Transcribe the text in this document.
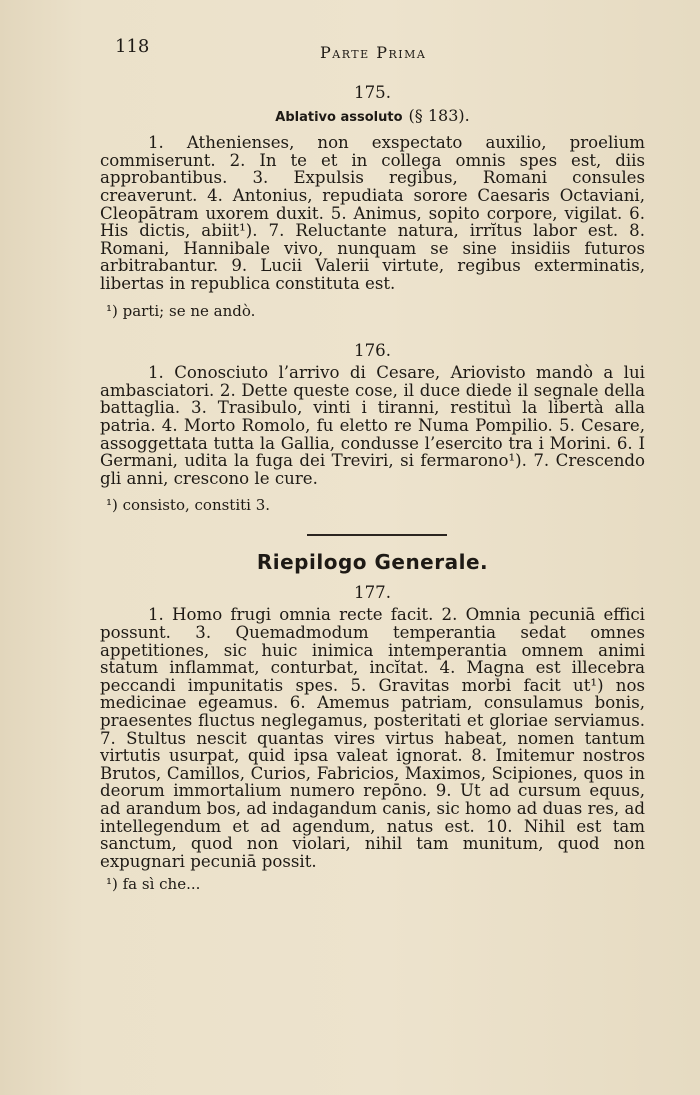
118	Parte Prima

175.

Ablativo assoluto (§ 183).

1. Athenienses, non exspectato auxilio, proelium commiserunt. 2. In te et in collega omnis spes est, diis approbantibus. 3. Expulsis regibus, Romani consules creaverunt. 4. Antonius, repudiata sorore Caesaris Octaviani, Cleopātram uxorem duxit. 5. Animus, sopito corpore, vigilat. 6. His dictis, abiit¹). 7. Reluctante natura, irrĭtus labor est. 8. Romani, Hannibale vivo, nunquam se sine insidiis futuros arbitrabantur. 9. Lucii Valerii virtute, regibus exterminatis, libertas in republica constituta est.

¹) parti; se ne andò.

176.

1. Conosciuto l’arrivo di Cesare, Ariovisto mandò a lui ambasciatori. 2. Dette queste cose, il duce diede il segnale della battaglia. 3. Trasibulo, vinti i tiranni, restituì la libertà alla patria. 4. Morto Romolo, fu eletto re Numa Pompilio. 5. Cesare, assoggettata tutta la Gallia, condusse l’esercito tra i Morini. 6. I Germani, udita la fuga dei Treviri, si fermarono¹). 7. Crescendo gli anni, crescono le cure.

¹) consisto, constiti 3.

Riepilogo Generale.

177.

1. Homo frugi omnia recte facit. 2. Omnia pecuniā effici possunt. 3. Quemadmodum temperantia sedat omnes appetitiones, sic huic inimica intemperantia omnem animi statum inflammat, conturbat, incĭtat. 4. Magna est illecebra peccandi impunitatis spes. 5. Gravitas morbi facit ut¹) nos medicinae egeamus. 6. Amemus patriam, consulamus bonis, praesentes fluctus neglegamus, posteritati et gloriae serviamus. 7. Stultus nescit quantas vires virtus habeat, nomen tantum virtutis usurpat, quid ipsa valeat ignorat. 8. Imitemur nostros Brutos, Camillos, Curios, Fabricios, Maximos, Scipiones, quos in deorum immortalium numero repōno. 9. Ut ad cursum equus, ad arandum bos, ad indagandum canis, sic homo ad duas res, ad intellegendum et ad agendum, natus est. 10. Nihil est tam sanctum, quod non violari, nihil tam munitum, quod non expugnari pecuniā possit.

¹) fa sì che...
